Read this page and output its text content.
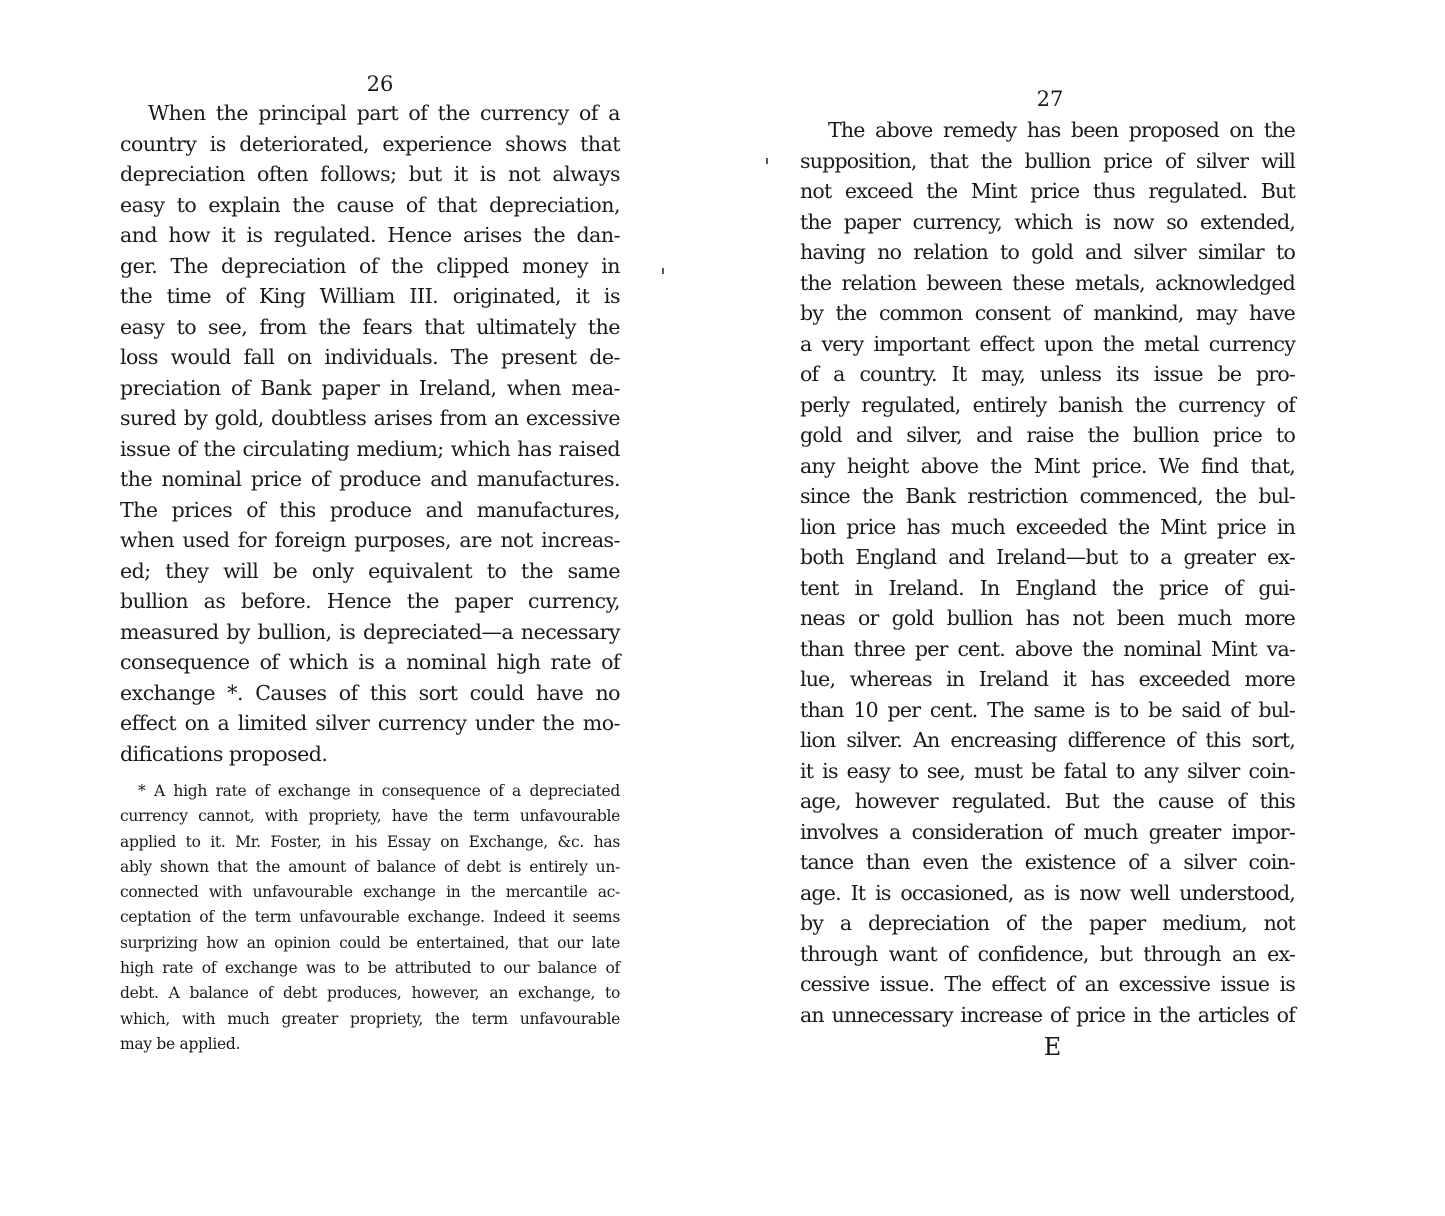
26
When the principal part of the currency of a
country is deteriorated, experience shows that
depreciation often follows; but it is not always
easy to explain the cause of that depreciation,
and how it is regulated. Hence arises the dan-
ger. The depreciation of the clipped money in
the time of King William III. originated, it is
easy to see, from the fears that ultimately the
loss would fall on individuals. The present de-
preciation of Bank paper in Ireland, when mea-
sured by gold, doubtless arises from an excessive
issue of the circulating medium; which has raised
the nominal price of produce and manufactures.
The prices of this produce and manufactures,
when used for foreign purposes, are not increas-
ed; they will be only equivalent to the same
bullion as before. Hence the paper currency,
measured by bullion, is depreciated—a necessary
consequence of which is a nominal high rate of
exchange *. Causes of this sort could have no
effect on a limited silver currency under the mo-
difications proposed.
* A high rate of exchange in consequence of a depreciated
currency cannot, with propriety, have the term unfavourable
applied to it. Mr. Foster, in his Essay on Exchange, &c. has
ably shown that the amount of balance of debt is entirely un-
connected with unfavourable exchange in the mercantile ac-
ceptation of the term unfavourable exchange. Indeed it seems
surprizing how an opinion could be entertained, that our late
high rate of exchange was to be attributed to our balance of
debt. A balance of debt produces, however, an exchange, to
which, with much greater propriety, the term unfavourable
may be applied.
27
The above remedy has been proposed on the
supposition, that the bullion price of silver will
not exceed the Mint price thus regulated. But
the paper currency, which is now so extended,
having no relation to gold and silver similar to
the relation beween these metals, acknowledged
by the common consent of mankind, may have
a very important effect upon the metal currency
of a country. It may, unless its issue be pro-
perly regulated, entirely banish the currency of
gold and silver, and raise the bullion price to
any height above the Mint price. We find that,
since the Bank restriction commenced, the bul-
lion price has much exceeded the Mint price in
both England and Ireland—but to a greater ex-
tent in Ireland. In England the price of gui-
neas or gold bullion has not been much more
than three per cent. above the nominal Mint va-
lue, whereas in Ireland it has exceeded more
than 10 per cent. The same is to be said of bul-
lion silver. An encreasing difference of this sort,
it is easy to see, must be fatal to any silver coin-
age, however regulated. But the cause of this
involves a consideration of much greater impor-
tance than even the existence of a silver coin-
age. It is occasioned, as is now well understood,
by a depreciation of the paper medium, not
through want of confidence, but through an ex-
cessive issue. The effect of an excessive issue is
an unnecessary increase of price in the articles of
E
